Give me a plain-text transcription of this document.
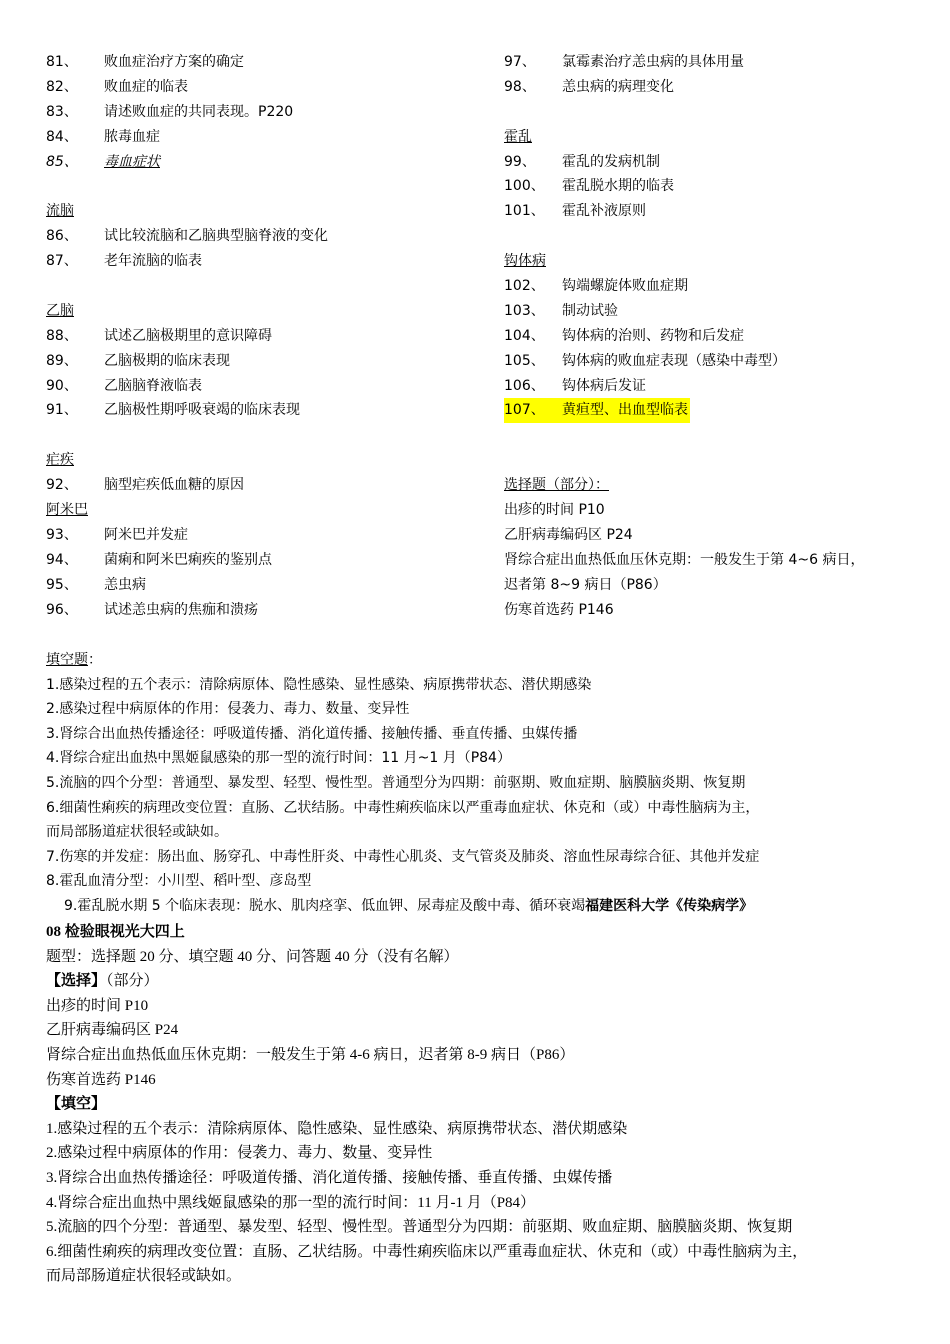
81、 败血症治疗方案的确定
82、 败血症的临表
83、 请述败血症的共同表现。P220
84、 脓毒血症
85、 毒血症状
流脑
86、 试比较流脑和乙脑典型脑脊液的变化
87、 老年流脑的临表
乙脑
88、 试述乙脑极期里的意识障碍
89、 乙脑极期的临床表现
90、 乙脑脑脊液临表
91、 乙脑极性期呼吸衰竭的临床表现
疟疾
92、 脑型疟疾低血糖的原因
阿米巴
93、 阿米巴并发症
94、 菌痢和阿米巴痢疾的鉴别点
95、 恙虫病
96、 试述恙虫病的焦痂和溃疡
97、 氯霉素治疗恙虫病的具体用量
98、 恙虫病的病理变化
霍乱
99、 霍乱的发病机制
100、 霍乱脱水期的临表
101、 霍乱补液原则
钩体病
102、 钩端螺旋体败血症期
103、 制动试验
104、 钩体病的治则、药物和后发症
105、 钩体病的败血症表现（感染中毒型）
106、 钩体病后发证
107、 黄疸型、出血型临表
选择题（部分）：
出疹的时间 P10
乙肝病毒编码区 P24
肾综合症出血热低血压休克期：一般发生于第 4~6 病日，
迟者第 8~9 病日（P86）
伤寒首选药 P146
填空题：
1.感染过程的五个表示：清除病原体、隐性感染、显性感染、病原携带状态、潜伏期感染
2.感染过程中病原体的作用：侵袭力、毒力、数量、变异性
3.肾综合出血热传播途径：呼吸道传播、消化道传播、接触传播、垂直传播、虫媒传播
4.肾综合症出血热中黑姬鼠感染的那一型的流行时间：11 月~1 月（P84）
5.流脑的四个分型：普通型、暴发型、轻型、慢性型。普通型分为四期：前驱期、败血症期、脑膜脑炎期、恢复期
6.细菌性痢疾的病理改变位置：直肠、乙状结肠。中毒性痢疾临床以严重毒血症状、休克和（或）中毒性脑病为主，
而局部肠道症状很轻或缺如。
7.伤寒的并发症：肠出血、肠穿孔、中毒性肝炎、中毒性心肌炎、支气管炎及肺炎、溶血性尿毒综合征、其他并发症
8.霍乱血清分型：小川型、稻叶型、彦岛型
9.霍乱脱水期 5 个临床表现：脱水、肌肉痉挛、低血钾、尿毒症及酸中毒、循环衰竭福建医科大学《传染病学》
08 检验眼视光大四上
题型：选择题 20 分、填空题 40 分、问答题 40 分（没有名解）
【选择】（部分）
出疹的时间 P10
乙肝病毒编码区 P24
肾综合症出血热低血压休克期：一般发生于第 4-6 病日，迟者第 8-9 病日（P86）
伤寒首选药 P146
【填空】
1.感染过程的五个表示：清除病原体、隐性感染、显性感染、病原携带状态、潜伏期感染
2.感染过程中病原体的作用：侵袭力、毒力、数量、变异性
3.肾综合出血热传播途径：呼吸道传播、消化道传播、接触传播、垂直传播、虫媒传播
4.肾综合症出血热中黑线姬鼠感染的那一型的流行时间：11 月-1 月（P84）
5.流脑的四个分型：普通型、暴发型、轻型、慢性型。普通型分为四期：前驱期、败血症期、脑膜脑炎期、恢复期
6.细菌性痢疾的病理改变位置：直肠、乙状结肠。中毒性痢疾临床以严重毒血症状、休克和（或）中毒性脑病为主，
而局部肠道症状很轻或缺如。
